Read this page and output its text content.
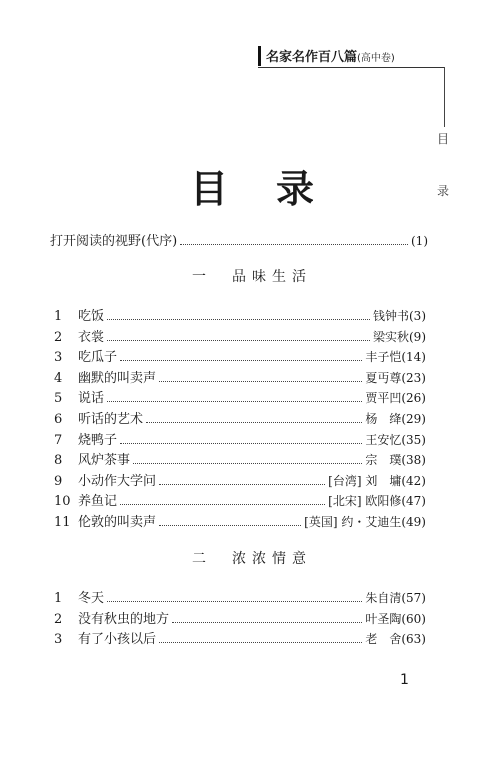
名家名作百八篇(高中卷)
目
录
目录
打开阅读的视野(代序)	(1)
一　品味生活
1	吃饭	钱钟书 (3)
2	衣裳	梁实秋 (9)
3	吃瓜子	丰子恺 (14)
4	幽默的叫卖声	夏丏尊 (23)
5	说话	贾平凹 (26)
6	听话的艺术	杨　绛 (29)
7	烧鸭子	王安忆 (35)
8	风炉茶事	宗　璞 (38)
9	小动作大学问	[台湾] 刘　墉 (42)
10 养鱼记	[北宋] 欧阳修 (47)
11 伦敦的叫卖声	[英国] 约・艾迪生 (49)
二　浓浓情意
1	冬天	朱自清 (57)
2	没有秋虫的地方	叶圣陶 (60)
3	有了小孩以后	老　舍 (63)
1
